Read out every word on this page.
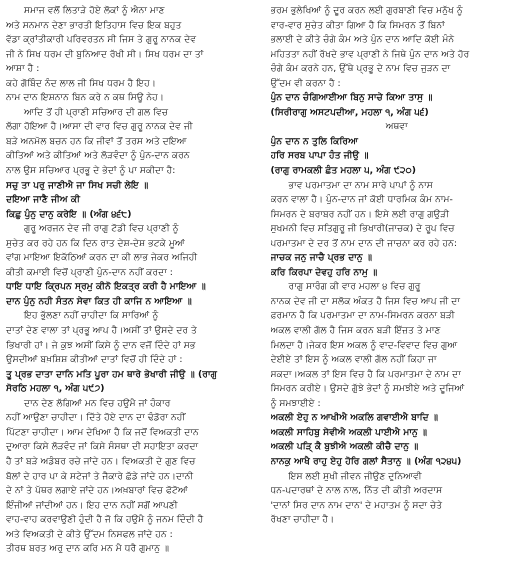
ਸਮਾਜ ਵਲੋਂ ਲਿਤਾੜੇ ਹੋਏ ਲੋਕਾਂ ਨੂੰ ਐਨਾ ਮਾਣ
ਅਤੇ ਸਨਮਾਨ ਦੇਣਾ ਭਾਰਤੀ ਇਤਿਹਾਸ ਵਿਚ ਇਕ ਬਹੁਤ
ਵੱਡਾ ਕ੍ਰਾਂਤੀਕਾਰੀ ਪਰਿਵਰਤਨ ਸੀ ਜਿਸ ਤੇ ਗੁਰੂ ਨਾਨਕ ਦੇਵ
ਜੀ ਨੇ ਸਿਖ ਧਰਮ ਦੀ ਬੁਨਿਆਦ ਰੱਖੀ ਸੀ। ਸਿਖ ਧਰਮ ਦਾ ਤਾਂ
ਆਸ਼ਾ ਹੈ :
ਕਹੇ ਗੋਬਿੰਦ ਨੰਦ ਲਾਲ ਜੀ ਸਿਖ ਧਰਮ ਹੈ ਇਹ।
ਨਾਮ ਦਾਨ ਇਸ਼ਨਾਨ ਬਿਨ ਕਰੇ ਨ ਕਥ ਸਿਊ ਨੇਹ।
ਆਦਿ ਤੋਂ ਹੀ ਪ੍ਰਾਣੀ ਸਚਿਆਰ ਦੀ ਗਲ ਵਿਚ
ਲੱਗਾ ਹੋਇਆ ਹੈ।ਆਸਾ ਦੀ ਵਾਰ ਵਿਚ ਗੁਰੂ ਨਾਨਕ ਦੇਵ ਜੀ
ਬੜੇ ਅਨਮੋਲ ਬਚਨ ਹਨ ਕਿ ਜੀਵਾਂ ਤੋਂ ਤਰਸ ਅਤੇ ਦਇਆ
ਕੀਤਿਆਂ ਅਤੇ ਕੀਤਿਆਂ ਅਤੇ ਲੋੜਵੰਦਾ ਨੂੰ ਪੁੰਨ-ਦਾਨ ਕਰਨ
ਨਾਲ ਉਸ ਸਚਿਆਰ ਪ੍ਰਭੂ ਦੇ ਭੇਦਾਂ ਨੂੰ ਪਾ ਸਕੀਦਾ ਹੈ:
ਸਚੁ ਤਾ ਪਰੁ ਜਾਣੀਐ ਜਾ ਸਿਖ ਸਚੀ ਲੇਇ ॥
ਦਇਆ ਜਾਣੈ ਜੀਅ ਕੀ
ਕਿਛੁ ਪੁੰਨੁ ਦਾਨੁ ਕਰੇਇ ॥ (ਅੰਗ ੪੬੮)
ਗੁਰੂ ਅਰਜਨ ਦੇਵ ਜੀ ਰਾਗੁ ਟੋਡੀ ਵਿਚ ਪ੍ਰਾਣੀ ਨੂੰ
ਸੁਚੇਤ ਕਰ ਰਹੇ ਹਨ ਕਿ ਦਿਨ ਰਾਤ ਦੇਸ਼-ਦੇਸ਼ ਭਟਕੇ ਮੂਆਂ
ਵਾਂਗ ਮਾਇਆ ਇਕੱਠਿਆਂ ਕਰਨ ਦਾ ਕੀ ਲਾਭ ਜੇਕਰ ਅਜਿਹੀ
ਕੀਤੀ ਕਮਾਈ ਵਿਚੋਂ ਪ੍ਰਾਣੀ ਪੁੰਨ-ਦਾਨ ਨਹੀਂ ਕਰਦਾ :
ਧਾਇ ਧਾਇ ਕ੍ਰਿਪਨ ਸ੍ਰਮੁ ਕੀਨੋ ਇਕਤ੍ਰ ਕਰੀ ਹੈ ਮਾਇਆ ॥
ਦਾਨ ਪੁੰਨੁ ਨਹੀ ਸੰਤਨ ਸੇਵਾ ਕਿਤ ਹੀ ਕਾਜਿ ਨ ਆਇਆ ॥
ਇਹ ਭੁੱਲਣਾ ਨਹੀਂ ਚਾਹੀਦਾ ਕਿ ਸਾਰਿਆਂ ਨੂੰ
ਦਾਤਾਂ ਦੇਣ ਵਾਲਾ ਤਾਂ ਪ੍ਰਭੂ ਆਪ ਹੈ।ਅਸੀਂ ਤਾਂ ਉਸਦੇ ਦਰ ਤੇ
ਭਿਖਾਰੀ ਹਾਂ। ਜੇ ਕੁਝ ਅਸੀਂ ਕਿਸੇ ਨੂੰ ਦਾਨ ਵਜੋਂ ਦਿੰਦੇ ਹਾਂ ਸਭ
ਉਸਦੀਆਂ ਬਖ਼ਸ਼ਿਸ਼ ਕੀਤੀਆਂ ਦਾਤਾਂ ਵਿਚੋਂ ਹੀ ਦਿੰਦੇ ਹਾਂ :
ਤੂ ਪ੍ਰਭ ਦਾਤਾ ਦਾਨਿ ਮਤਿ ਪੂਰਾ ਹਮ ਥਾਰੇ ਭੇਖਾਰੀ ਜੀਉ ॥ (ਰਾਗੁ
ਸੋਰਠਿ ਮਹਲਾ ੧, ਅੰਗ ੫੯੭)
ਦਾਨ ਦੇਣ ਲੱਗਿਆਂ ਮਨ ਵਿਚ ਹਉਮੈ ਜਾਂ ਹੰਕਾਰ
ਨਹੀਂ ਆਉਣਾ ਚਾਹੀਦਾ। ਦਿੱਤੇ ਹੋਏ ਦਾਨ ਦਾ ਢੰਡੋਰਾ ਨਹੀਂ
ਪਿੱਟਣਾ ਚਾਹੀਦਾ। ਆਮ ਦੇਖਿਆ ਹੈ ਕਿ ਜਦੋਂ ਵਿਅਕਤੀ ਦਾਨ
ਦੁਆਰਾ ਕਿਸੇ ਲੋੜਵੰਦ ਜਾਂ ਕਿਸੇ ਸੰਸਥਾ ਦੀ ਸਹਾਇਤਾ ਕਰਦਾ
ਹੈ ਤਾਂ ਬੜੇ ਅਡੰਬਰ ਰਚੇ ਜਾਂਦੇ ਹਨ। ਵਿਅਕਤੀ ਦੇ ਗੁਣ ਵਿਚ
ਬੋਲਾਂ ਦੇ ਹਾਰ ਪਾ ਕੇ ਸਟੇਜਾਂ ਤੇ ਜੈਕਾਰੇ ਛੱਡੇ ਜਾਂਦੇ ਹਨ।ਦਾਨੀ
ਦੇ ਨਾਂ ਤੇ ਪੱਥਰ ਲਗਾਏ ਜਾਂਦੇ ਹਨ।ਅਖ਼ਬਾਰਾਂ ਵਿਚ ਫੋਟੋਆਂ
ਇੰਜੀਆਂ ਜਾਂਦੀਆਂ ਹਨ। ਇਹ ਦਾਨ ਨਹੀਂ ਸਗੋਂ ਆਪਣੀ
ਵਾਹ-ਵਾਹ ਕਰਵਾਉਣੀ ਹੁੰਦੀ ਹੈ ਜੋ ਕਿ ਹਉਮੈ ਨੂੰ ਜਨਮ ਦਿੰਦੀ ਹੈ
ਅਤੇ ਵਿਅਕਤੀ ਦੇ ਕੀਤੇ ਉੱਦਮ ਨਿਸਫਲ ਜਾਂਦੇ ਹਨ :
ਤੀਰਥ ਬਰਤ ਅਰੁ ਦਾਨ ਕਰਿ ਮਨ ਮੈ ਧਰੈ ਗੁਮਾਨੁ ॥
ਭਰਮ ਭੁਲੇਖਿਆਂ ਨੂੰ ਦੂਰ ਕਰਨ ਲਈ ਗੁਰਬਾਣੀ ਵਿਚ ਮਨੁੱਖ ਨੂੰ
ਵਾਰ-ਵਾਰ ਸੁਚੇਤ ਕੀਤਾ ਗਿਆ ਹੈ ਕਿ ਸਿਮਰਨ ਤੋਂ ਬਿਨਾਂ
ਭਲਾਈ ਦੇ ਕੀਤੇ ਚੰਗੇ ਕੰਮ ਅਤੇ ਪੁੰਨ ਦਾਨ ਆਦਿ ਕੋਈ ਮੰਨੇ
ਮਹਿਤਤਾ ਨਹੀਂ ਰੱਖਦੇ ਭਾਵ ਪ੍ਰਾਣੀ ਨੇ ਜਿਥੇ ਪੁੰਨ ਦਾਨ ਅਤੇ ਹੋਰ
ਚੰਗੇ ਕੰਮ ਕਰਨੇ ਹਨ, ਉੱਥੇ ਪ੍ਰਭੂ ਦੇ ਨਾਮ ਵਿਚ ਜੁੜਨ ਦਾ
ਉੱਦਮ ਵੀ ਕਰਨਾ ਹੈ :
ਪੁੰਨ ਦਾਨ ਚੰਗਿਆਈਆ ਬਿਨੁ ਸਾਚੇ ਕਿਆ ਤਾਸੁ ॥
(ਸਿਰੀਰਾਗੁ ਅਸਟਪਦੀਆ, ਮਹਲਾ ੧, ਅੰਗ ੫੬)
ਅਥਵਾ
ਪੁੰਨ ਦਾਨ ਨ ਤੁਲਿ ਕਿਰਿਆ
ਹਰਿ ਸਰਬ ਪਾਪਾ ਹੰਤ ਜੀਉ ॥
(ਰਾਗੁ ਰਾਮਕਲੀ ਛੰਤ ਮਹਲਾ ੫, ਅੰਗ ੯੨੦)
ਭਾਵ ਪਰਮਾਤਮਾ ਦਾ ਨਾਮ ਸਾਰੇ ਪਾਪਾਂ ਨੂੰ ਨਾਸ
ਕਰਨ ਵਾਲਾ ਹੈ। ਪੁੰਨ-ਦਾਨ ਜਾਂ ਕੋਈ ਧਾਰਮਿਕ ਕੰਮ ਨਾਮ-
ਸਿਮਰਨ ਦੇ ਬਰਾਬਰ ਨਹੀਂ ਹਨ। ਇਸੇ ਲਈ ਰਾਗੁ ਗਉੜੀ
ਸੁਖਮਨੀ ਵਿਚ ਸਤਿਗੁਰੂ ਜੀ ਭਿਖਾਰੀ(ਜਾਚਕ) ਦੇ ਰੂਪ ਵਿਚ
ਪਰਮਾਤਮਾ ਦੇ ਦਰ ਤੋਂ ਨਾਮ ਦਾਨ ਦੀ ਜਾਚਨਾ ਕਰ ਰਹੇ ਹਨ:
ਜਾਚਕ ਜਨੁ ਜਾਚੈ ਪ੍ਰਭ ਦਾਨੁ ॥
ਕਰਿ ਕਿਰਪਾ ਦੇਵਹੁ ਹਰਿ ਨਾਮੁ ॥
ਰਾਗੁ ਸਾਰੰਗ ਕੀ ਵਾਰ ਮਹਲਾ ੪ ਵਿਚ ਗੁਰੂ
ਨਾਨਕ ਦੇਵ ਜੀ ਦਾ ਸਲੋਕ ਅੰਕਤ ਹੈ ਜਿਸ ਵਿਚ ਆਪ ਜੀ ਦਾ
ਫ਼ਰਮਾਨ ਹੈ ਕਿ ਪਰਮਾਤਮਾ ਦਾ ਨਾਮ-ਸਿਮਰਨ ਕਰਨਾ ਬੜੀ
ਅਕਲ ਵਾਲੀ ਗੱਲ ਹੈ ਜਿਸ ਕਰਨ ਬੜੀ ਇੱਜ਼ਤ ਤੇ ਮਾਣ
ਮਿਲਦਾ ਹੈ।ਜੇਕਰ ਇਸ ਅਕਲ ਨੂੰ ਵਾਦ-ਵਿਵਾਦ ਵਿਚ ਗੁਆ
ਦੇਈਏ ਤਾਂ ਇਸ ਨੂੰ ਅਕਲ ਵਾਲੀ ਗੱਲ ਨਹੀਂ ਕਿਹਾ ਜਾ
ਸਕਦਾ।ਅਕਲ ਤਾਂ ਇਸ ਵਿਚ ਹੈ ਕਿ ਪਰਮਾਤਮਾ ਦੇ ਨਾਮ ਦਾ
ਸਿਮਰਨ ਕਰੀਏ। ਉਸਦੇ ਗੁੱਝੇ ਭੇਦਾਂ ਨੂੰ ਸਮਝੀਏ ਅਤੇ ਦੂਜਿਆਂ
ਨੂੰ ਸਮਝਾਈਏ :
ਅਕਲੀ ਏਹੁ ਨ ਆਖੀਐ ਅਕਲਿ ਗਵਾਈਐ ਬਾਦਿ ॥
ਅਕਲੀ ਸਾਹਿਬੁ ਸੇਵੀਐ ਅਕਲੀ ਪਾਈਐ ਮਾਨੁ ॥
ਅਕਲੀ ਪੜਿ੍ ਕੈ ਬੁਝੀਐ ਅਕਲੀ ਕੀਚੈ ਦਾਨੁ ॥
ਨਾਨਕੁ ਆਖੈ ਰਾਹੁ ਏਹੁ ਹੋਰਿ ਗਲਾਂ ਸੈਤਾਨੁ ॥ (ਅੰਗ ੧੨੪੫)
ਇਸ ਲਈ ਸੁਖੀ ਜੀਵਨ ਜੀਉਣ ਦੁਨਿਆਵੀ
ਧਨ-ਪਦਾਰਥਾਂ ਦੇ ਨਾਲ ਨਾਲ, ਨਿੱਤ ਦੀ ਕੀਤੀ ਅਰਦਾਸ
'ਦਾਨਾਂ ਸਿਰ ਦਾਨ ਨਾਮ ਦਾਨ' ਦੇ ਮਹਾਤਮ ਨੂੰ ਸਦਾ ਚੇਤੇ
ਰੱਖਣਾ ਚਾਹੀਦਾ ਹੈ।
